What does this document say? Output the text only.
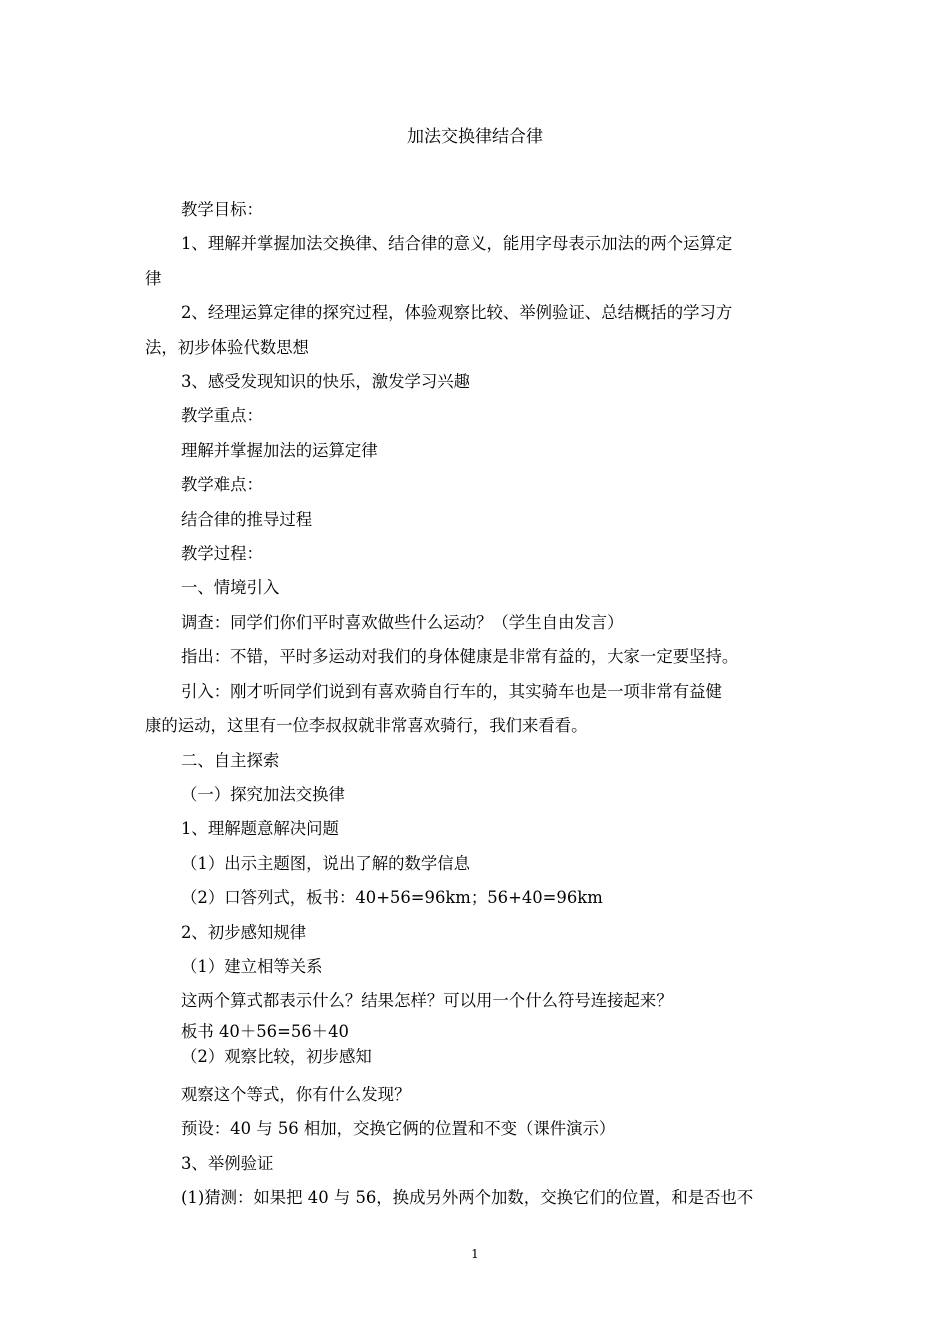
加法交换律结合律

教学目标：

1、理解并掌握加法交换律、结合律的意义，能用字母表示加法的两个运算定

律

2、经理运算定律的探究过程，体验观察比较、举例验证、总结概括的学习方

法，初步体验代数思想

3、感受发现知识的快乐，激发学习兴趣

教学重点：

理解并掌握加法的运算定律

教学难点：

结合律的推导过程

教学过程：

一、情境引入

调查：同学们你们平时喜欢做些什么运动？（学生自由发言）

指出：不错，平时多运动对我们的身体健康是非常有益的，大家一定要坚持。

引入：刚才听同学们说到有喜欢骑自行车的，其实骑车也是一项非常有益健

康的运动，这里有一位李叔叔就非常喜欢骑行，我们来看看。

二、自主探索

（一）探究加法交换律

1、理解题意解决问题

（1）出示主题图，说出了解的数学信息

（2）口答列式，板书：40+56=96km；56+40=96km

2、初步感知规律

（1）建立相等关系

这两个算式都表示什么？结果怎样？可以用一个什么符号连接起来？

板书 40＋56=56＋40

（2）观察比较，初步感知

观察这个等式，你有什么发现？

预设：40 与 56 相加，交换它俩的位置和不变（课件演示）

3、举例验证

(1)猜测：如果把 40 与 56，换成另外两个加数，交换它们的位置，和是否也不

1
